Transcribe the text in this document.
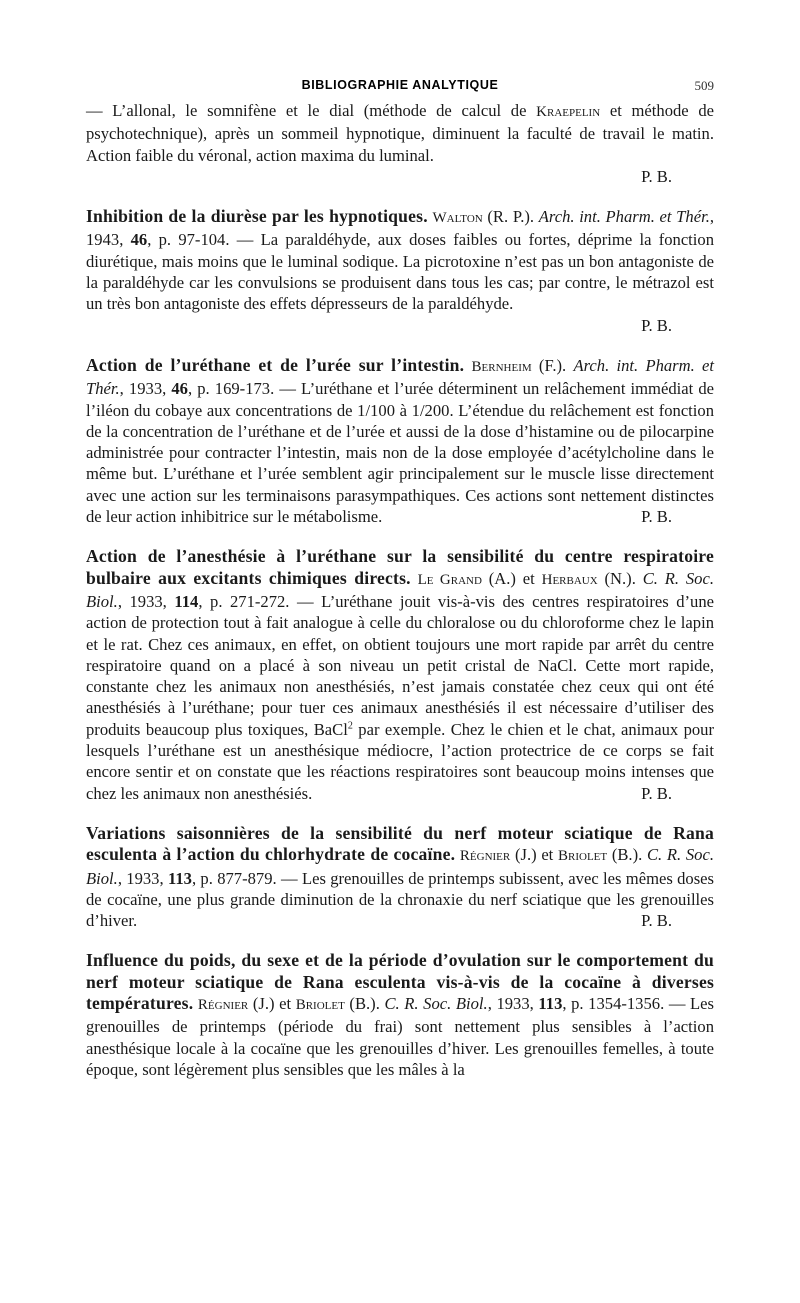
BIBLIOGRAPHIE ANALYTIQUE	509

— L’allonal, le somnifène et le dial (méthode de calcul de Kraepelin et méthode de psychotechnique), après un sommeil hypnotique, diminuent la faculté de travail le matin. Action faible du véronal, action maxima du luminal.

P. B.

Inhibition de la diurèse par les hypnotiques. Walton (R. P.). Arch. int. Pharm. et Thér., 1943, 46, p. 97-104. — La paraldéhyde, aux doses faibles ou fortes, déprime la fonction diurétique, mais moins que le luminal sodique. La picrotoxine n’est pas un bon antagoniste de la paraldéhyde car les convulsions se produisent dans tous les cas; par contre, le métrazol est un très bon antagoniste des effets dépresseurs de la paraldéhyde.

P. B.

Action de l’uréthane et de l’urée sur l’intestin. Bernheim (F.). Arch. int. Pharm. et Thér., 1933, 46, p. 169-173. — L’uréthane et l’urée déterminent un relâchement immédiat de l’iléon du cobaye aux concentrations de 1/100 à 1/200. L’étendue du relâchement est fonction de la concentration de l’uréthane et de l’urée et aussi de la dose d’histamine ou de pilocarpine administrée pour contracter l’intestin, mais non de la dose employée d’acétylcholine dans le même but. L’uréthane et l’urée semblent agir principalement sur le muscle lisse directement avec une action sur les terminaisons parasympathiques. Ces actions sont nettement distinctes de leur action inhibitrice sur le métabolisme.	P. B.

Action de l’anesthésie à l’uréthane sur la sensibilité du centre respiratoire bulbaire aux excitants chimiques directs. Le Grand (A.) et Herbaux (N.). C. R. Soc. Biol., 1933, 114, p. 271-272. — L’uréthane jouit vis-à-vis des centres respiratoires d’une action de protection tout à fait analogue à celle du chloralose ou du chloroforme chez le lapin et le rat. Chez ces animaux, en effet, on obtient toujours une mort rapide par arrêt du centre respiratoire quand on a placé à son niveau un petit cristal de NaCl. Cette mort rapide, constante chez les animaux non anesthésiés, n’est jamais constatée chez ceux qui ont été anesthésiés à l’uréthane; pour tuer ces animaux anesthésiés il est nécessaire d’utiliser des produits beaucoup plus toxiques, BaCl$^2$ par exemple. Chez le chien et le chat, animaux pour lesquels l’uréthane est un anesthésique médiocre, l’action protectrice de ce corps se fait encore sentir et on constate que les réactions respiratoires sont beaucoup moins intenses que chez les animaux non anesthésiés.	P. B.

Variations saisonnières de la sensibilité du nerf moteur sciatique de Rana esculenta à l’action du chlorhydrate de cocaïne. Régnier (J.) et Briolet (B.). C. R. Soc. Biol., 1933, 113, p. 877-879. — Les grenouilles de printemps subissent, avec les mêmes doses de cocaïne, une plus grande diminution de la chronaxie du nerf sciatique que les grenouilles d’hiver.	P. B.

Influence du poids, du sexe et de la période d’ovulation sur le comportement du nerf moteur sciatique de Rana esculenta vis-à-vis de la cocaïne à diverses températures. Régnier (J.) et Briolet (B.). C. R. Soc. Biol., 1933, 113, p. 1354-1356. — Les grenouilles de printemps (période du frai) sont nettement plus sensibles à l’action anesthésique locale à la cocaïne que les grenouilles d’hiver. Les grenouilles femelles, à toute époque, sont légèrement plus sensibles que les mâles à la
